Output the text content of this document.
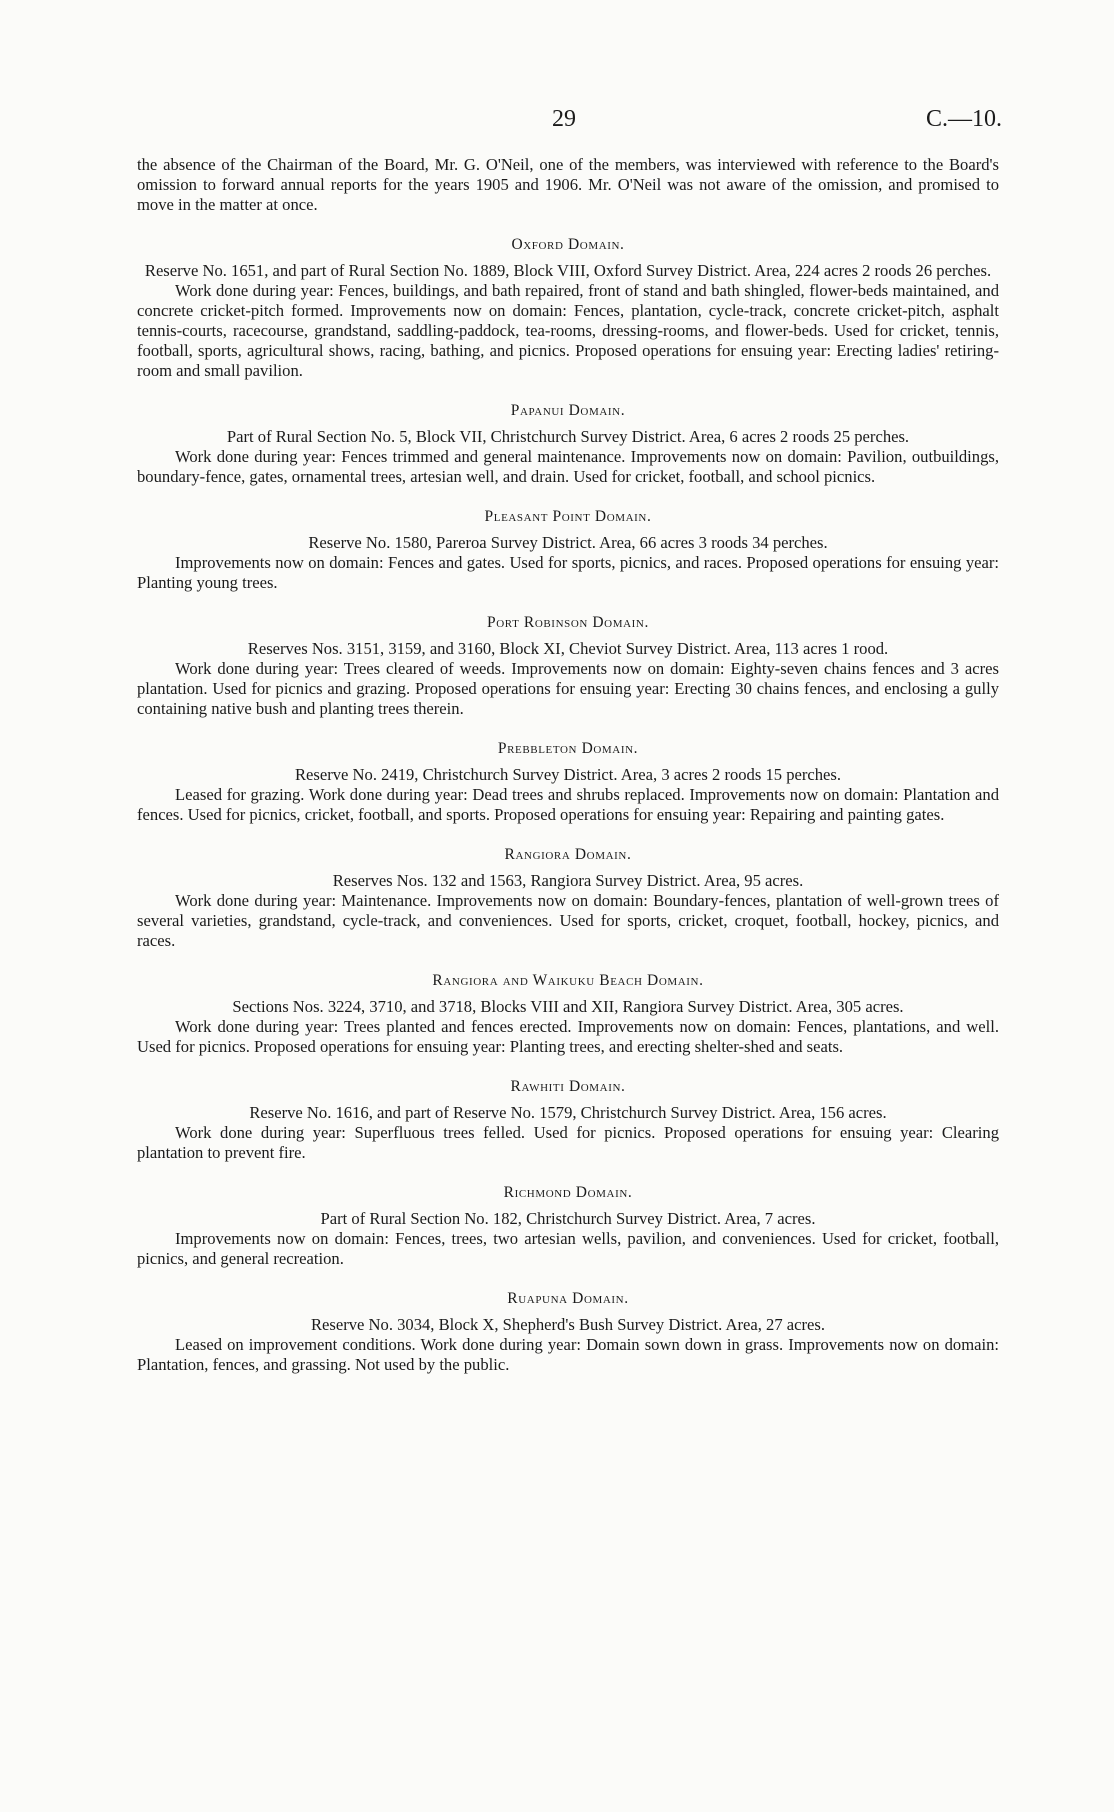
29	C.—10.

the absence of the Chairman of the Board, Mr. G. O'Neil, one of the members, was interviewed with reference to the Board's omission to forward annual reports for the years 1905 and 1906. Mr. O'Neil was not aware of the omission, and promised to move in the matter at once.

Oxford Domain.

Reserve No. 1651, and part of Rural Section No. 1889, Block VIII, Oxford Survey District. Area, 224 acres 2 roods 26 perches.

Work done during year: Fences, buildings, and bath repaired, front of stand and bath shingled, flower-beds maintained, and concrete cricket-pitch formed. Improvements now on domain: Fences, plantation, cycle-track, concrete cricket-pitch, asphalt tennis-courts, racecourse, grandstand, saddling-paddock, tea-rooms, dressing-rooms, and flower-beds. Used for cricket, tennis, football, sports, agricultural shows, racing, bathing, and picnics. Proposed operations for ensuing year: Erecting ladies' retiring-room and small pavilion.

Papanui Domain.

Part of Rural Section No. 5, Block VII, Christchurch Survey District. Area, 6 acres 2 roods 25 perches.

Work done during year: Fences trimmed and general maintenance. Improvements now on domain: Pavilion, outbuildings, boundary-fence, gates, ornamental trees, artesian well, and drain. Used for cricket, football, and school picnics.

Pleasant Point Domain.

Reserve No. 1580, Pareroa Survey District. Area, 66 acres 3 roods 34 perches.

Improvements now on domain: Fences and gates. Used for sports, picnics, and races. Proposed operations for ensuing year: Planting young trees.

Port Robinson Domain.

Reserves Nos. 3151, 3159, and 3160, Block XI, Cheviot Survey District. Area, 113 acres 1 rood.

Work done during year: Trees cleared of weeds. Improvements now on domain: Eighty-seven chains fences and 3 acres plantation. Used for picnics and grazing. Proposed operations for ensuing year: Erecting 30 chains fences, and enclosing a gully containing native bush and planting trees therein.

Prebbleton Domain.

Reserve No. 2419, Christchurch Survey District. Area, 3 acres 2 roods 15 perches.

Leased for grazing. Work done during year: Dead trees and shrubs replaced. Improvements now on domain: Plantation and fences. Used for picnics, cricket, football, and sports. Proposed operations for ensuing year: Repairing and painting gates.

Rangiora Domain.

Reserves Nos. 132 and 1563, Rangiora Survey District. Area, 95 acres.

Work done during year: Maintenance. Improvements now on domain: Boundary-fences, plantation of well-grown trees of several varieties, grandstand, cycle-track, and conveniences. Used for sports, cricket, croquet, football, hockey, picnics, and races.

Rangiora and Waikuku Beach Domain.

Sections Nos. 3224, 3710, and 3718, Blocks VIII and XII, Rangiora Survey District. Area, 305 acres.

Work done during year: Trees planted and fences erected. Improvements now on domain: Fences, plantations, and well. Used for picnics. Proposed operations for ensuing year: Planting trees, and erecting shelter-shed and seats.

Rawhiti Domain.

Reserve No. 1616, and part of Reserve No. 1579, Christchurch Survey District. Area, 156 acres.

Work done during year: Superfluous trees felled. Used for picnics. Proposed operations for ensuing year: Clearing plantation to prevent fire.

Richmond Domain.

Part of Rural Section No. 182, Christchurch Survey District. Area, 7 acres.

Improvements now on domain: Fences, trees, two artesian wells, pavilion, and conveniences. Used for cricket, football, picnics, and general recreation.

Ruapuna Domain.

Reserve No. 3034, Block X, Shepherd's Bush Survey District. Area, 27 acres.

Leased on improvement conditions. Work done during year: Domain sown down in grass. Improvements now on domain: Plantation, fences, and grassing. Not used by the public.
